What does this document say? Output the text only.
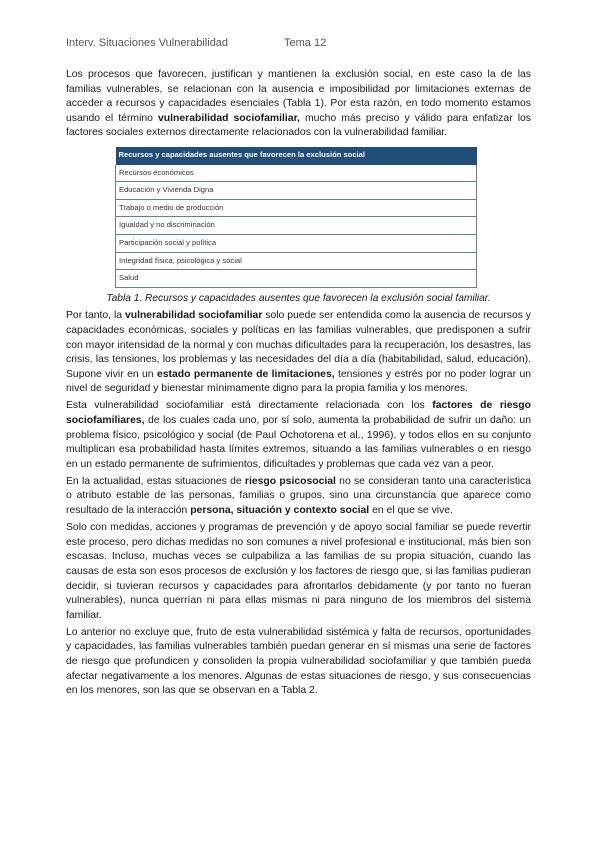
Interv. Situaciones Vulnerabilidad	Tema 12

Los procesos que favorecen, justifican y mantienen la exclusión social, en este caso la de las familias vulnerables, se relacionan con la ausencia e imposibilidad por limitaciones externas de acceder a recursos y capacidades esenciales (Tabla 1). Por esta razón, en todo momento estamos usando el término vulnerabilidad sociofamiliar, mucho más preciso y válido para enfatizar los factores sociales externos directamente relacionados con la vulnerabilidad familiar.

Recursos y capacidades ausentes que favorecen la exclusión social
Recursos económicos
Educación y Vivienda Digna
Trabajo o medio de producción
Igualdad y no discriminación
Participación social y política
Integridad física, psicológica y social
Salud
Tabla 1. Recursos y capacidades ausentes que favorecen la exclusión social familiar.

Por tanto, la vulnerabilidad sociofamiliar solo puede ser entendida como la ausencia de recursos y capacidades económicas, sociales y políticas en las familias vulnerables, que predisponen a sufrir con mayor intensidad de la normal y con muchas dificultades para la recuperación, los desastres, las crisis, las tensiones, los problemas y las necesidades del día a día (habitabilidad, salud, educación). Supone vivir en un estado permanente de limitaciones, tensiones y estrés por no poder lograr un nivel de seguridad y bienestar mínimamente digno para la propia familia y los menores.

Esta vulnerabilidad sociofamiliar está directamente relacionada con los factores de riesgo sociofamiliares, de los cuales cada uno, por sí solo, aumenta la probabilidad de sufrir un daño: un problema físico, psicológico y social (de Paul Ochotorena et al., 1996), y todos ellos en su conjunto multiplican esa probabilidad hasta límites extremos, situando a las familias vulnerables o en riesgo en un estado permanente de sufrimientos, dificultades y problemas que cada vez van a peor.

En la actualidad, estas situaciones de riesgo psicosocial no se consideran tanto una característica o atributo estable de las personas, familias o grupos, sino una circunstancia que aparece como resultado de la interacción persona, situación y contexto social en el que se vive.

Solo con medidas, acciones y programas de prevención y de apoyo social familiar se puede revertir este proceso, pero dichas medidas no son comunes a nivel profesional e institucional, más bien son escasas. Incluso, muchas veces se culpabiliza a las familias de su propia situación, cuando las causas de esta son esos procesos de exclusión y los factores de riesgo que, si las familias pudieran decidir, si tuvieran recursos y capacidades para afrontarlos debidamente (y por tanto no fueran vulnerables), nunca querrían ni para ellas mismas ni para ninguno de los miembros del sistema familiar.

Lo anterior no excluye que, fruto de esta vulnerabilidad sistémica y falta de recursos, oportunidades y capacidades, las familias vulnerables también puedan generar en sí mismas una serie de factores de riesgo que profundicen y consoliden la propia vulnerabilidad sociofamiliar y que también pueda afectar negativamente a los menores. Algunas de estas situaciones de riesgo, y sus consecuencias en los menores, son las que se observan en a Tabla 2.
